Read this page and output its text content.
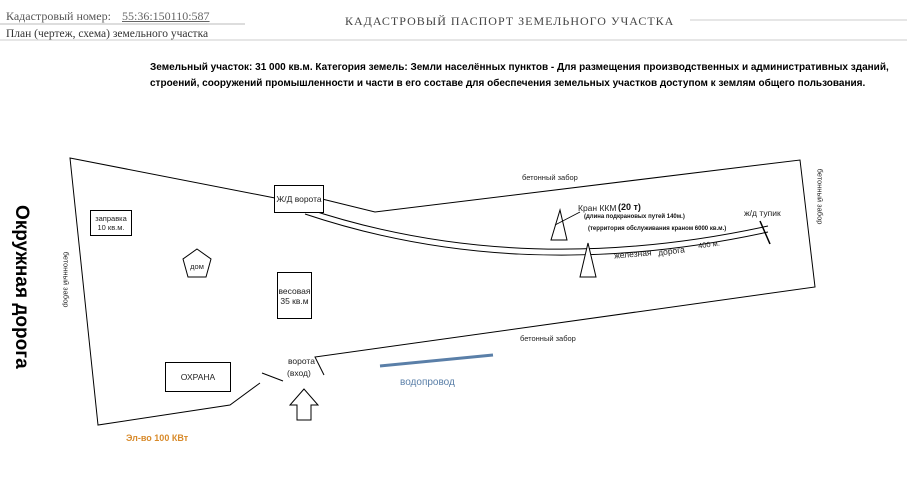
Кадастровый номер: 55:36:150110:587	КАДАСТРОВЫЙ ПАСПОРТ ЗЕМЕЛЬНОГО УЧАСТКА
План (чертеж, схема) земельного участка
Земельный участок: 31 000 кв.м. Категория земель: Земли населённых пунктов - Для размещения производственных и административных зданий,
строений, сооружений промышленности и части в его составе для обеспечения земельных участков доступом к землям общего пользования.
Окружная дорога	бетонный забор
бетонный забор	бетонный забор
бетонный забор
Ж/Д ворота
заправка
10 кв.м.
дом
весовая
35 кв.м
ОХРАНА
ворота
(вход)
Кран ККМ (20 т)
(длина подкрановых путей 140м.)
(территория обслуживания краном 6000 кв.м.)
железная дорога 400 м.
ж/д тупик
водопровод
Эл-во 100 КВт
